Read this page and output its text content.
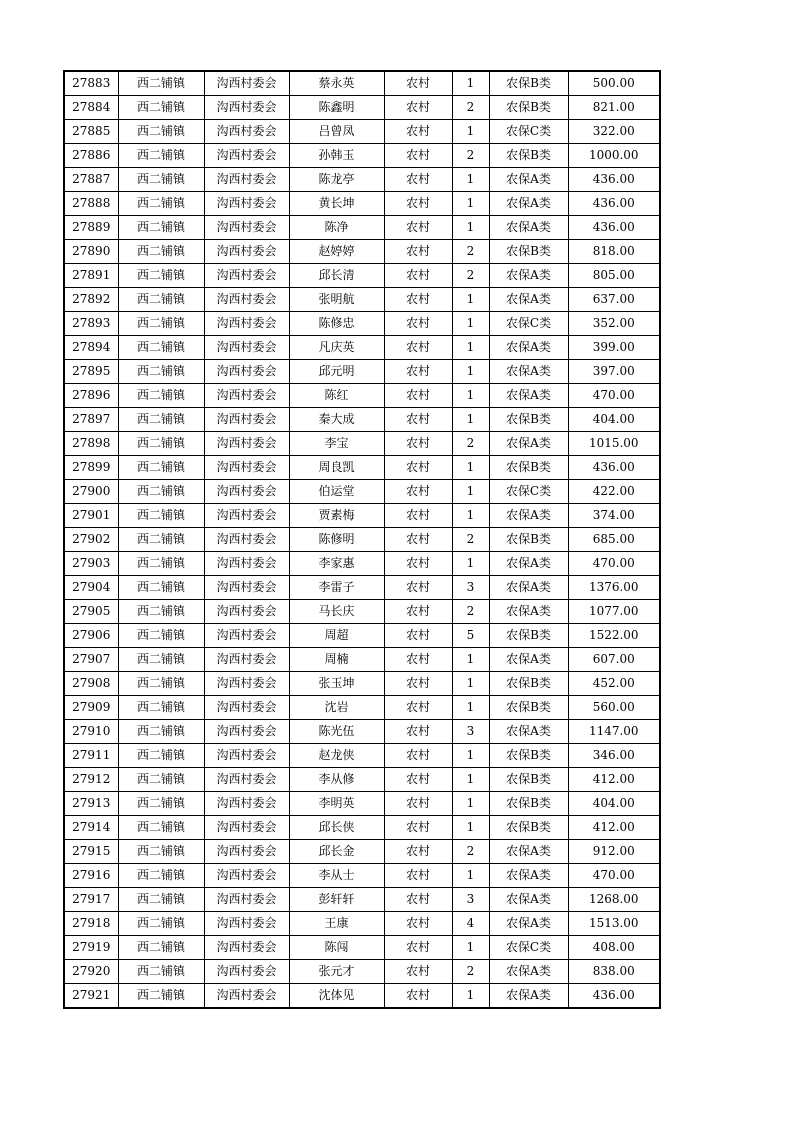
27883	西二铺镇	沟西村委会	蔡永英	农村	1	农保B类	500.00
27884	西二铺镇	沟西村委会	陈鑫明	农村	2	农保B类	821.00
27885	西二铺镇	沟西村委会	吕曾凤	农村	1	农保C类	322.00
27886	西二铺镇	沟西村委会	孙韩玉	农村	2	农保B类	1000.00
27887	西二铺镇	沟西村委会	陈龙亭	农村	1	农保A类	436.00
27888	西二铺镇	沟西村委会	黄长坤	农村	1	农保A类	436.00
27889	西二铺镇	沟西村委会	陈净	农村	1	农保A类	436.00
27890	西二铺镇	沟西村委会	赵婷婷	农村	2	农保B类	818.00
27891	西二铺镇	沟西村委会	邱长清	农村	2	农保A类	805.00
27892	西二铺镇	沟西村委会	张明航	农村	1	农保A类	637.00
27893	西二铺镇	沟西村委会	陈修忠	农村	1	农保C类	352.00
27894	西二铺镇	沟西村委会	凡庆英	农村	1	农保A类	399.00
27895	西二铺镇	沟西村委会	邱元明	农村	1	农保A类	397.00
27896	西二铺镇	沟西村委会	陈红	农村	1	农保A类	470.00
27897	西二铺镇	沟西村委会	秦大成	农村	1	农保B类	404.00
27898	西二铺镇	沟西村委会	李宝	农村	2	农保A类	1015.00
27899	西二铺镇	沟西村委会	周良凯	农村	1	农保B类	436.00
27900	西二铺镇	沟西村委会	伯运堂	农村	1	农保C类	422.00
27901	西二铺镇	沟西村委会	贾素梅	农村	1	农保A类	374.00
27902	西二铺镇	沟西村委会	陈修明	农村	2	农保B类	685.00
27903	西二铺镇	沟西村委会	李家惠	农村	1	农保A类	470.00
27904	西二铺镇	沟西村委会	李雷子	农村	3	农保A类	1376.00
27905	西二铺镇	沟西村委会	马长庆	农村	2	农保A类	1077.00
27906	西二铺镇	沟西村委会	周超	农村	5	农保B类	1522.00
27907	西二铺镇	沟西村委会	周楠	农村	1	农保A类	607.00
27908	西二铺镇	沟西村委会	张玉坤	农村	1	农保B类	452.00
27909	西二铺镇	沟西村委会	沈岩	农村	1	农保B类	560.00
27910	西二铺镇	沟西村委会	陈光伍	农村	3	农保A类	1147.00
27911	西二铺镇	沟西村委会	赵龙侠	农村	1	农保B类	346.00
27912	西二铺镇	沟西村委会	李从修	农村	1	农保B类	412.00
27913	西二铺镇	沟西村委会	李明英	农村	1	农保B类	404.00
27914	西二铺镇	沟西村委会	邱长侠	农村	1	农保B类	412.00
27915	西二铺镇	沟西村委会	邱长金	农村	2	农保A类	912.00
27916	西二铺镇	沟西村委会	李从士	农村	1	农保A类	470.00
27917	西二铺镇	沟西村委会	彭轩轩	农村	3	农保A类	1268.00
27918	西二铺镇	沟西村委会	王康	农村	4	农保A类	1513.00
27919	西二铺镇	沟西村委会	陈闯	农村	1	农保C类	408.00
27920	西二铺镇	沟西村委会	张元才	农村	2	农保A类	838.00
27921	西二铺镇	沟西村委会	沈体见	农村	1	农保A类	436.00
